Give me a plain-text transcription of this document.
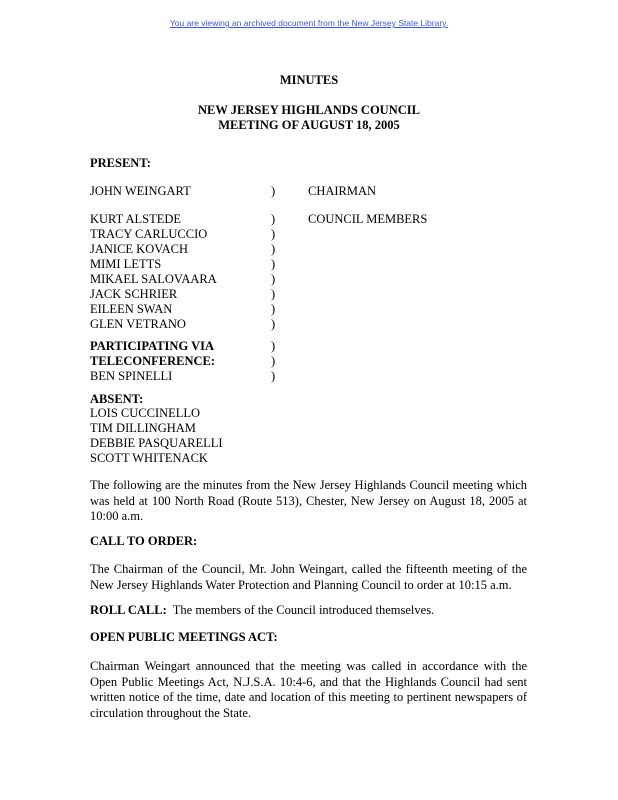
You are viewing an archived document from the New Jersey State Library.
MINUTES
NEW JERSEY HIGHLANDS COUNCIL
MEETING OF AUGUST 18, 2005
PRESENT:
JOHN WEINGART	)	CHAIRMAN
COUNCIL MEMBERS
KURT ALSTEDE	)
TRACY CARLUCCIO	)
JANICE KOVACH	)
MIMI LETTS	)
MIKAEL SALOVAARA	)
JACK SCHRIER	)
EILEEN SWAN	)
GLEN VETRANO	)
PARTICIPATING VIA	)
TELECONFERENCE:	)
BEN SPINELLI	)
ABSENT:
LOIS CUCCINELLO
TIM DILLINGHAM
DEBBIE PASQUARELLI
SCOTT WHITENACK
The following are the minutes from the New Jersey Highlands Council meeting which was held at 100 North Road (Route 513), Chester, New Jersey on August 18, 2005 at 10:00 a.m.
CALL TO ORDER:
The Chairman of the Council, Mr. John Weingart, called the fifteenth meeting of the New Jersey Highlands Water Protection and Planning Council to order at 10:15 a.m.
ROLL CALL: The members of the Council introduced themselves.
OPEN PUBLIC MEETINGS ACT:
Chairman Weingart announced that the meeting was called in accordance with the Open Public Meetings Act, N.J.S.A. 10:4-6, and that the Highlands Council had sent written notice of the time, date and location of this meeting to pertinent newspapers of circulation throughout the State.
